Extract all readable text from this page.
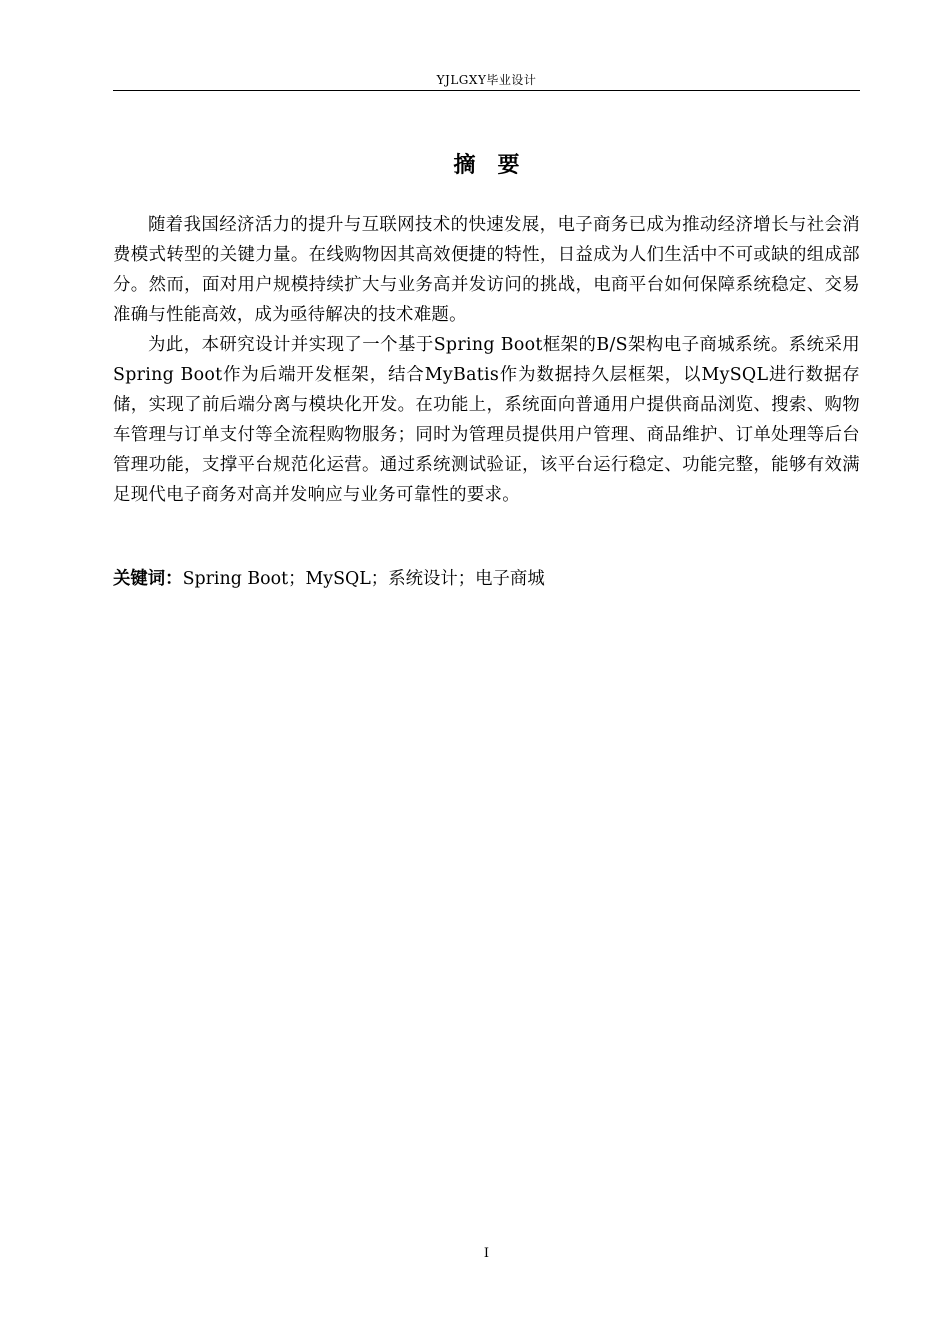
YJLGXY毕业设计
摘要

随着我国经济活力的提升与互联网技术的快速发展，电子商务已成为推动经济增长与社会消费模式转型的关键力量。在线购物因其高效便捷的特性，日益成为人们生活中不可或缺的组成部分。然而，面对用户规模持续扩大与业务高并发访问的挑战，电商平台如何保障系统稳定、交易准确与性能高效，成为亟待解决的技术难题。

为此，本研究设计并实现了一个基于Spring Boot框架的B/S架构电子商城系统。系统采用Spring Boot作为后端开发框架，结合MyBatis作为数据持久层框架，以MySQL进行数据存储，实现了前后端分离与模块化开发。在功能上，系统面向普通用户提供商品浏览、搜索、购物车管理与订单支付等全流程购物服务；同时为管理员提供用户管理、商品维护、订单处理等后台管理功能，支撑平台规范化运营。通过系统测试验证，该平台运行稳定、功能完整，能够有效满足现代电子商务对高并发响应与业务可靠性的要求。

关键词：Spring Boot；MySQL；系统设计；电子商城
I
